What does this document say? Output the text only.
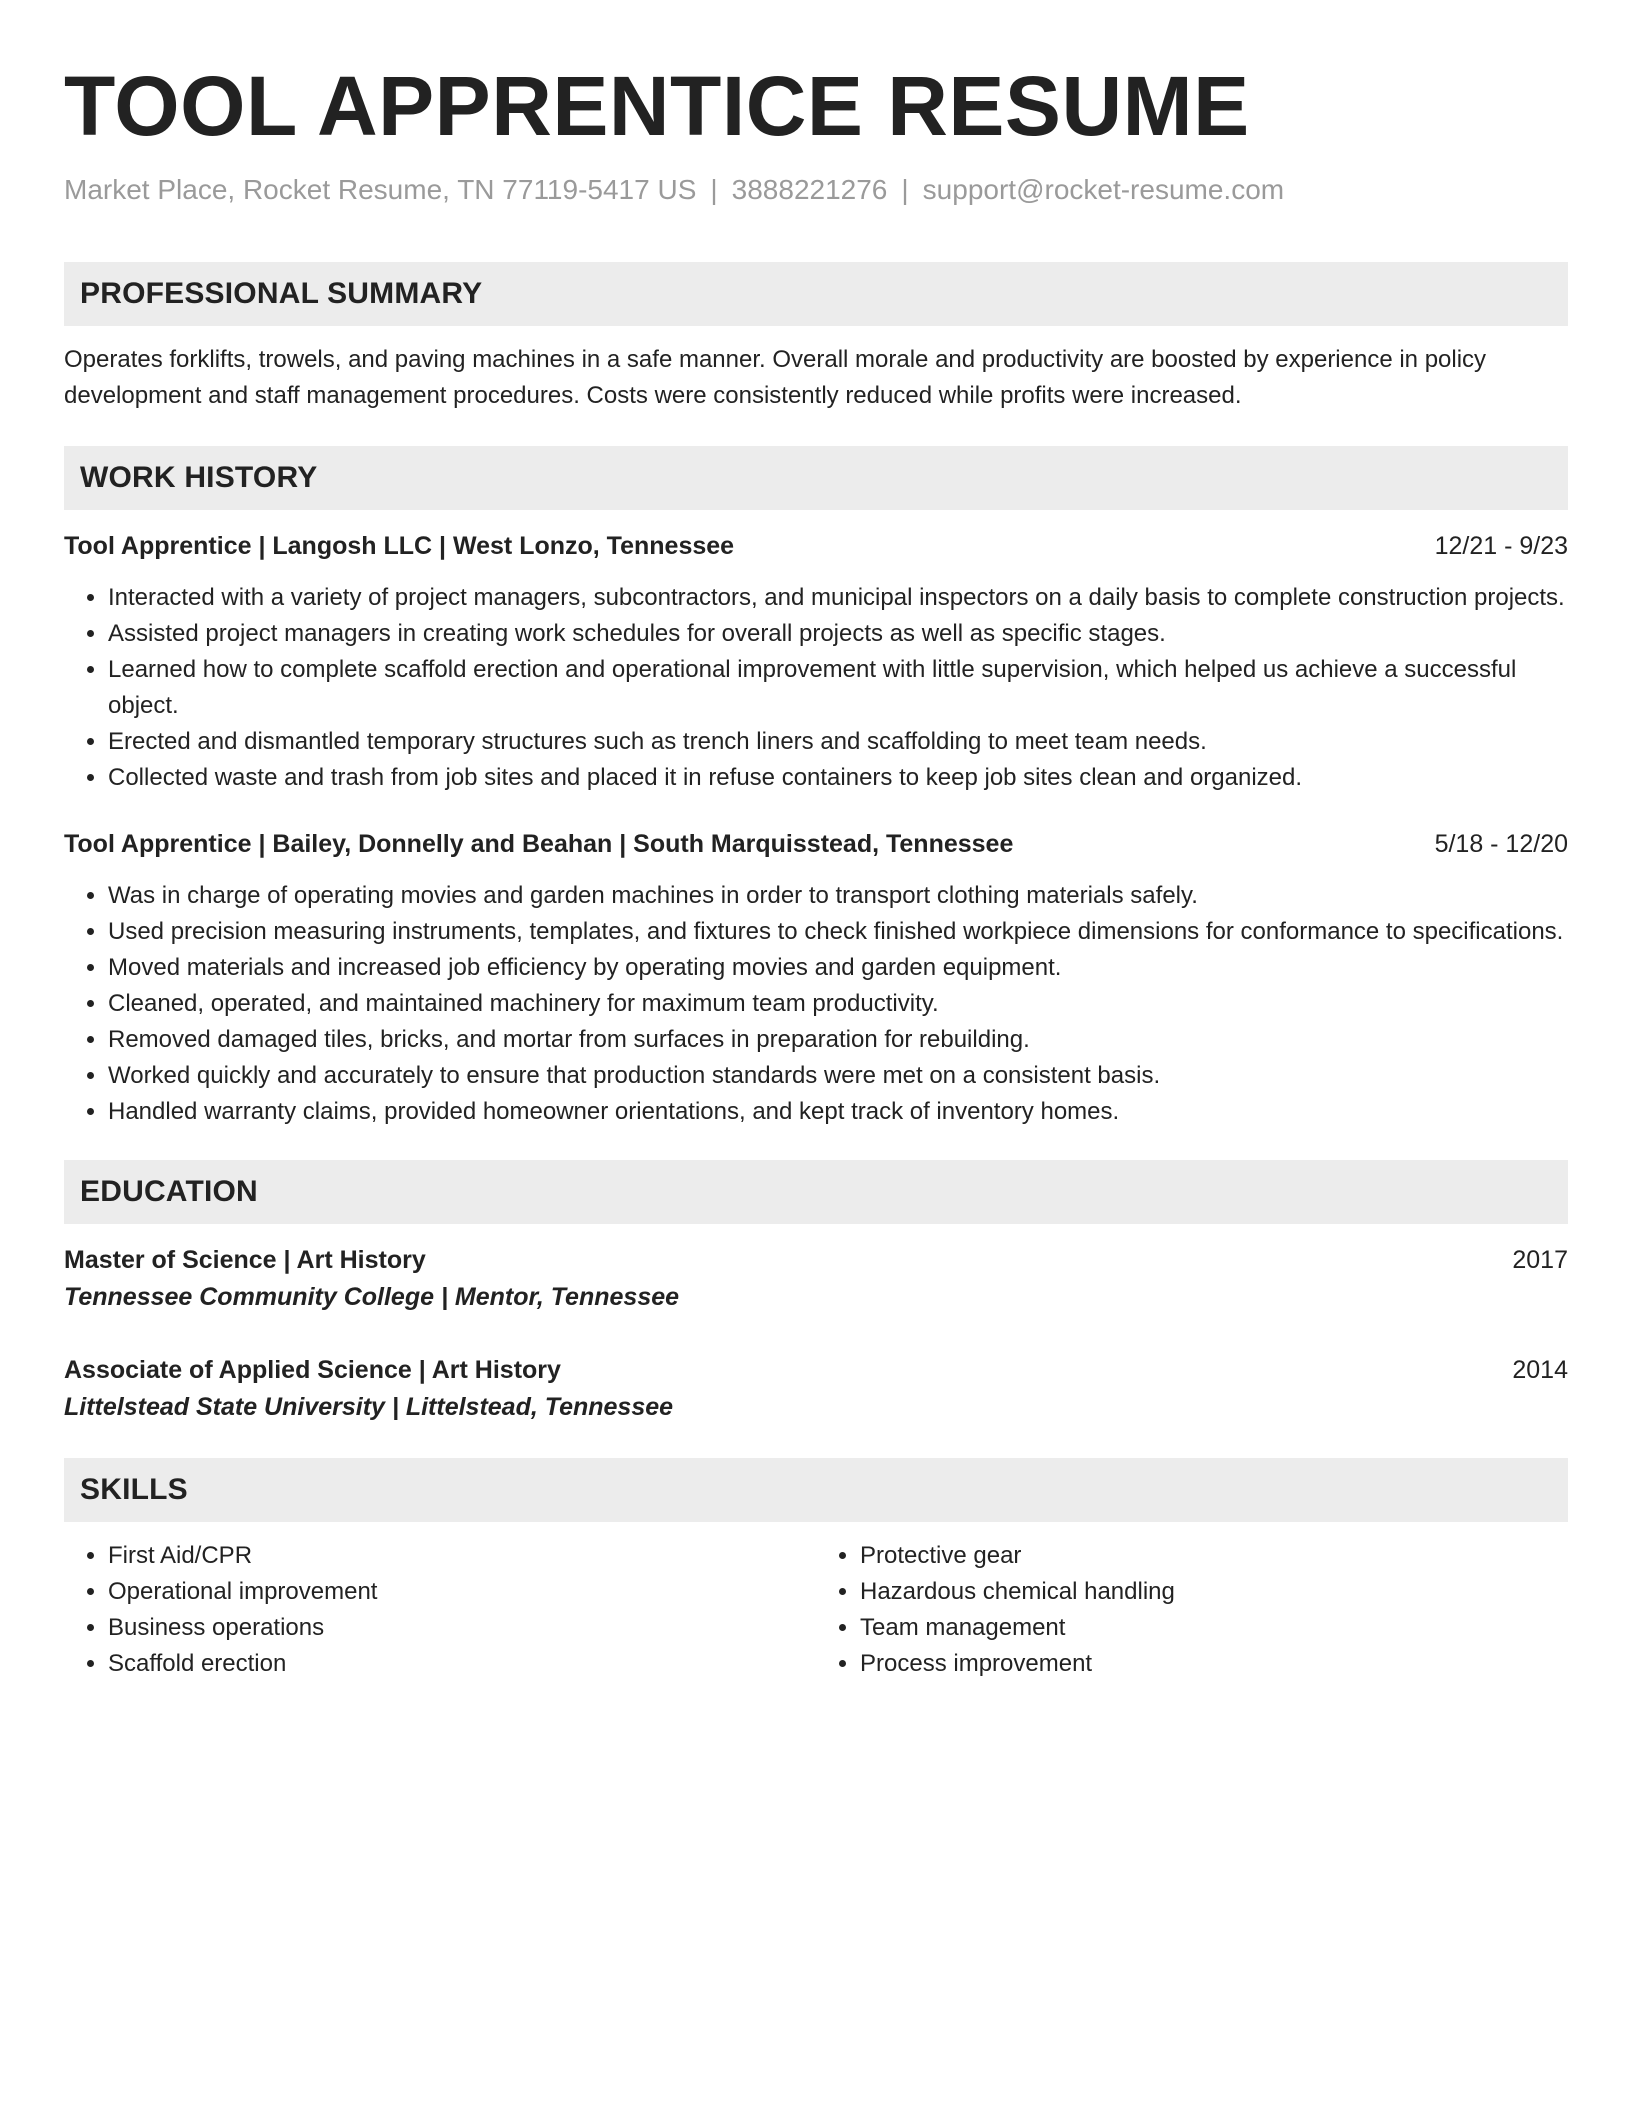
TOOL APPRENTICE RESUME
Market Place, Rocket Resume, TN 77119-5417 US | 3888221276 | support@rocket-resume.com
PROFESSIONAL SUMMARY

Operates forklifts, trowels, and paving machines in a safe manner. Overall morale and productivity are boosted by experience in policy development and staff management procedures. Costs were consistently reduced while profits were increased.

WORK HISTORY
Tool Apprentice | Langosh LLC | West Lonzo, Tennessee	12/21 - 9/23
• Interacted with a variety of project managers, subcontractors, and municipal inspectors on a daily basis to complete construction projects.
• Assisted project managers in creating work schedules for overall projects as well as specific stages.
• Learned how to complete scaffold erection and operational improvement with little supervision, which helped us achieve a successful object.
• Erected and dismantled temporary structures such as trench liners and scaffolding to meet team needs.
• Collected waste and trash from job sites and placed it in refuse containers to keep job sites clean and organized.
Tool Apprentice | Bailey, Donnelly and Beahan | South Marquisstead, Tennessee	5/18 - 12/20
• Was in charge of operating movies and garden machines in order to transport clothing materials safely.
• Used precision measuring instruments, templates, and fixtures to check finished workpiece dimensions for conformance to specifications.
• Moved materials and increased job efficiency by operating movies and garden equipment.
• Cleaned, operated, and maintained machinery for maximum team productivity.
• Removed damaged tiles, bricks, and mortar from surfaces in preparation for rebuilding.
• Worked quickly and accurately to ensure that production standards were met on a consistent basis.
• Handled warranty claims, provided homeowner orientations, and kept track of inventory homes.
EDUCATION
Master of Science | Art History	2017
Tennessee Community College | Mentor, Tennessee
Associate of Applied Science | Art History	2014
Littelstead State University | Littelstead, Tennessee
SKILLS
• First Aid/CPR
• Operational improvement
• Business operations
• Scaffold erection
• Protective gear
• Hazardous chemical handling
• Team management
• Process improvement
